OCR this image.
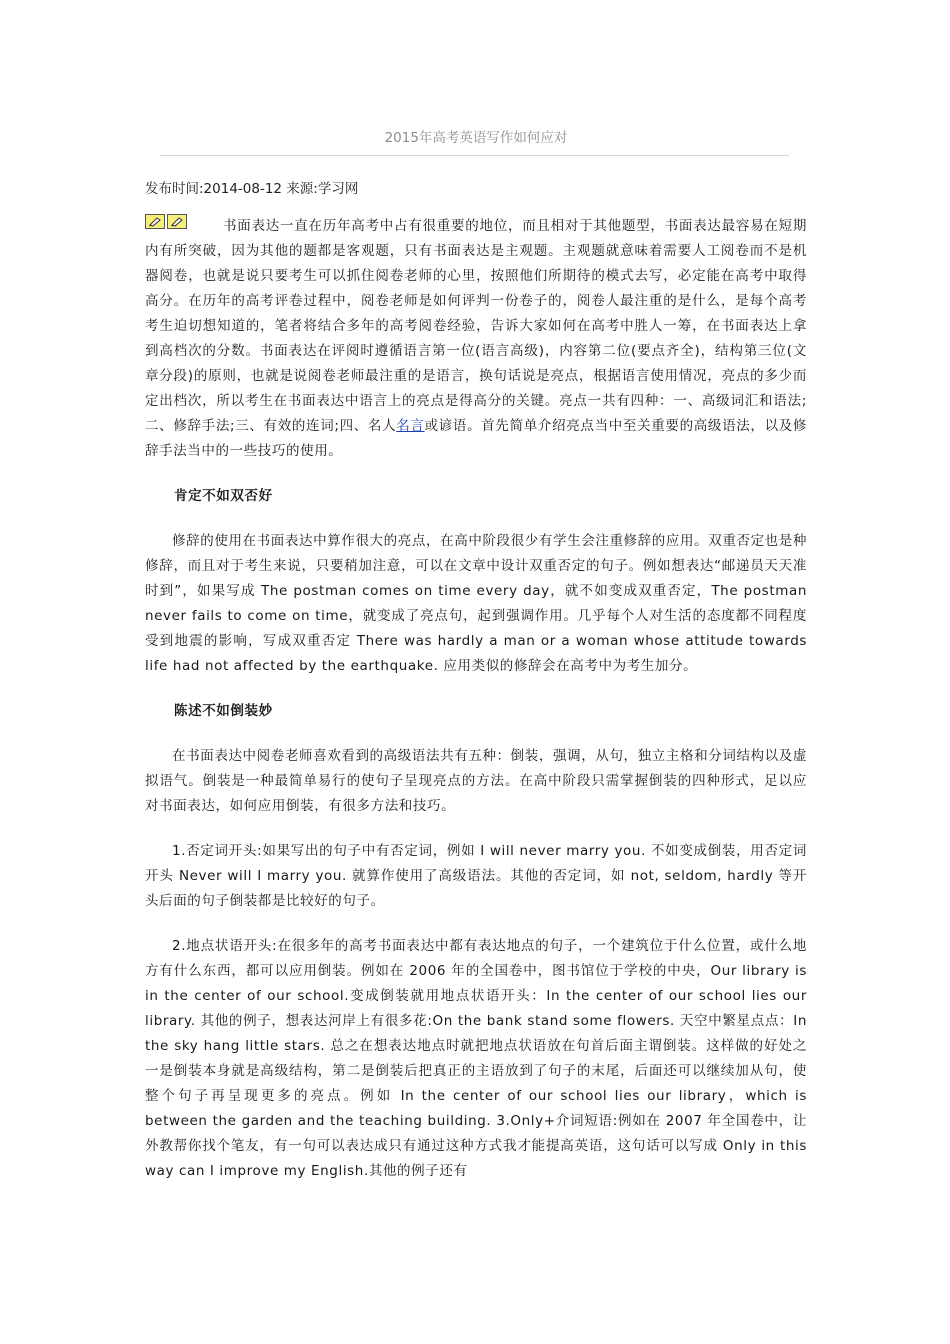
2015年高考英语写作如何应对
发布时间:2014-08-12 来源:学习网

书面表达一直在历年高考中占有很重要的地位，而且相对于其他题型，书面表达最容易在短期内有所突破，因为其他的题都是客观题，只有书面表达是主观题。主观题就意味着需要人工阅卷而不是机器阅卷，也就是说只要考生可以抓住阅卷老师的心里，按照他们所期待的模式去写，必定能在高考中取得高分。在历年的高考评卷过程中，阅卷老师是如何评判一份卷子的，阅卷人最注重的是什么，是每个高考考生迫切想知道的，笔者将结合多年的高考阅卷经验，告诉大家如何在高考中胜人一筹，在书面表达上拿到高档次的分数。书面表达在评阅时遵循语言第一位(语言高级)，内容第二位(要点齐全)，结构第三位(文章分段)的原则，也就是说阅卷老师最注重的是语言，换句话说是亮点，根据语言使用情况，亮点的多少而定出档次，所以考生在书面表达中语言上的亮点是得高分的关键。亮点一共有四种：一、高级词汇和语法;二、修辞手法;三、有效的连词;四、名人名言或谚语。首先简单介绍亮点当中至关重要的高级语法，以及修辞手法当中的一些技巧的使用。

肯定不如双否好

修辞的使用在书面表达中算作很大的亮点，在高中阶段很少有学生会注重修辞的应用。双重否定也是种修辞，而且对于考生来说，只要稍加注意，可以在文章中设计双重否定的句子。例如想表达“邮递员天天准时到”，如果写成 The postman comes on time every day，就不如变成双重否定，The postman never fails to come on time，就变成了亮点句，起到强调作用。几乎每个人对生活的态度都不同程度受到地震的影响，写成双重否定 There was hardly a man or a woman whose attitude towards life had not affected by the earthquake. 应用类似的修辞会在高考中为考生加分。

陈述不如倒装妙

在书面表达中阅卷老师喜欢看到的高级语法共有五种：倒装，强调，从句，独立主格和分词结构以及虚拟语气。倒装是一种最简单易行的使句子呈现亮点的方法。在高中阶段只需掌握倒装的四种形式，足以应对书面表达，如何应用倒装，有很多方法和技巧。

1.否定词开头:如果写出的句子中有否定词，例如 I will never marry you. 不如变成倒装，用否定词开头 Never will I marry you. 就算作使用了高级语法。其他的否定词，如 not, seldom, hardly 等开头后面的句子倒装都是比较好的句子。

2.地点状语开头:在很多年的高考书面表达中都有表达地点的句子，一个建筑位于什么位置，或什么地方有什么东西，都可以应用倒装。例如在 2006 年的全国卷中，图书馆位于学校的中央，Our library is in the center of our school.变成倒装就用地点状语开头：In the center of our school lies our library. 其他的例子，想表达河岸上有很多花:On the bank stand some flowers. 天空中繁星点点：In the sky hang little stars. 总之在想表达地点时就把地点状语放在句首后面主谓倒装。这样做的好处之一是倒装本身就是高级结构，第二是倒装后把真正的主语放到了句子的末尾，后面还可以继续加从句，使整个句子再呈现更多的亮点。例如 In the center of our school lies our library，which is between the garden and the teaching building. 3.Only+介词短语:例如在 2007 年全国卷中，让外教帮你找个笔友，有一句可以表达成只有通过这种方式我才能提高英语，这句话可以写成 Only in this way can I improve my English.其他的例子还有
